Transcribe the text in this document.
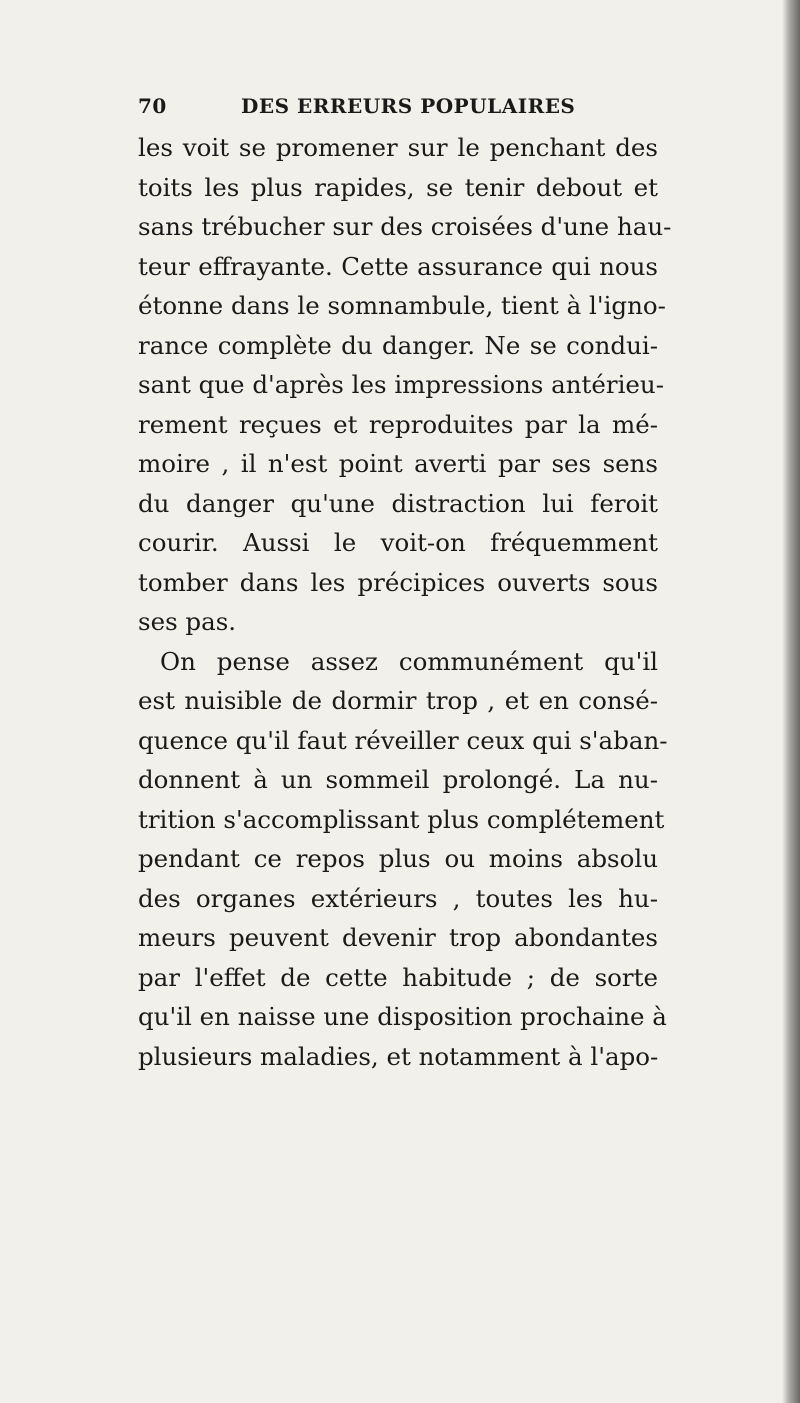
70	DES ERREURS POPULAIRES
les voit se promener sur le penchant des
toits les plus rapides, se tenir debout et
sans trébucher sur des croisées d'une hau-
teur effrayante. Cette assurance qui nous
étonne dans le somnambule, tient à l'igno-
rance complète du danger. Ne se condui-
sant que d'après les impressions antérieu-
rement reçues et reproduites par la mé-
moire , il n'est point averti par ses sens
du danger qu'une distraction lui feroit
courir. Aussi le voit-on fréquemment
tomber dans les précipices ouverts sous
ses pas.
On pense assez communément qu'il
est nuisible de dormir trop , et en consé-
quence qu'il faut réveiller ceux qui s'aban-
donnent à un sommeil prolongé. La nu-
trition s'accomplissant plus complétement
pendant ce repos plus ou moins absolu
des organes extérieurs , toutes les hu-
meurs peuvent devenir trop abondantes
par l'effet de cette habitude ; de sorte
qu'il en naisse une disposition prochaine à
plusieurs maladies, et notamment à l'apo-
